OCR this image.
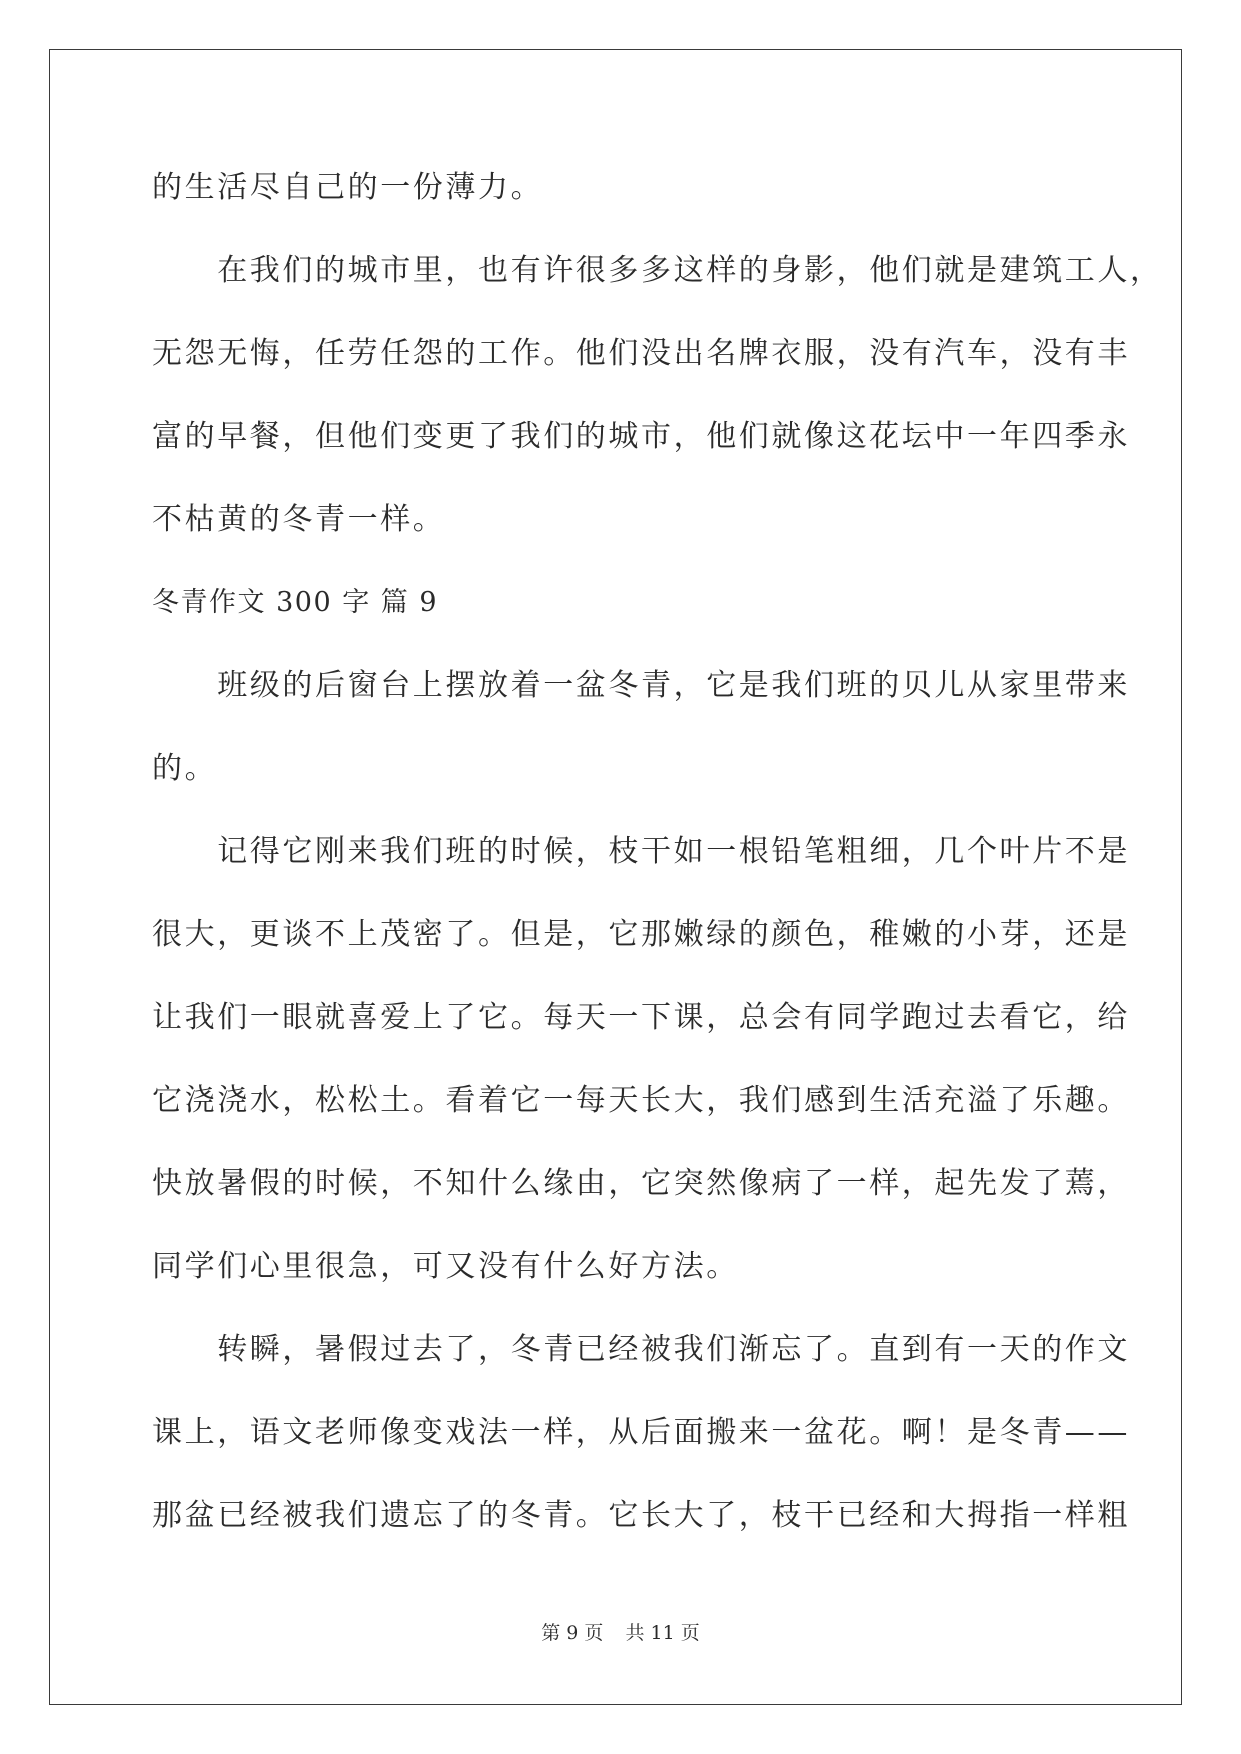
的生活尽自己的一份薄力。
　　在我们的城市里，也有许很多多这样的身影，他们就是建筑工人，
无怨无悔，任劳任怨的工作。他们没出名牌衣服，没有汽车，没有丰
富的早餐，但他们变更了我们的城市，他们就像这花坛中一年四季永
不枯黄的冬青一样。
冬青作文 300 字 篇 9
　　班级的后窗台上摆放着一盆冬青，它是我们班的贝儿从家里带来
的。
　　记得它刚来我们班的时候，枝干如一根铅笔粗细，几个叶片不是
很大，更谈不上茂密了。但是，它那嫩绿的颜色，稚嫩的小芽，还是
让我们一眼就喜爱上了它。每天一下课，总会有同学跑过去看它，给
它浇浇水，松松土。看着它一每天长大，我们感到生活充溢了乐趣。
快放暑假的时候，不知什么缘由，它突然像病了一样，起先发了蔫，
同学们心里很急，可又没有什么好方法。
　　转瞬，暑假过去了，冬青已经被我们渐忘了。直到有一天的作文
课上，语文老师像变戏法一样，从后面搬来一盆花。啊！是冬青——
那盆已经被我们遗忘了的冬青。它长大了，枝干已经和大拇指一样粗
第 9 页 共 11 页
